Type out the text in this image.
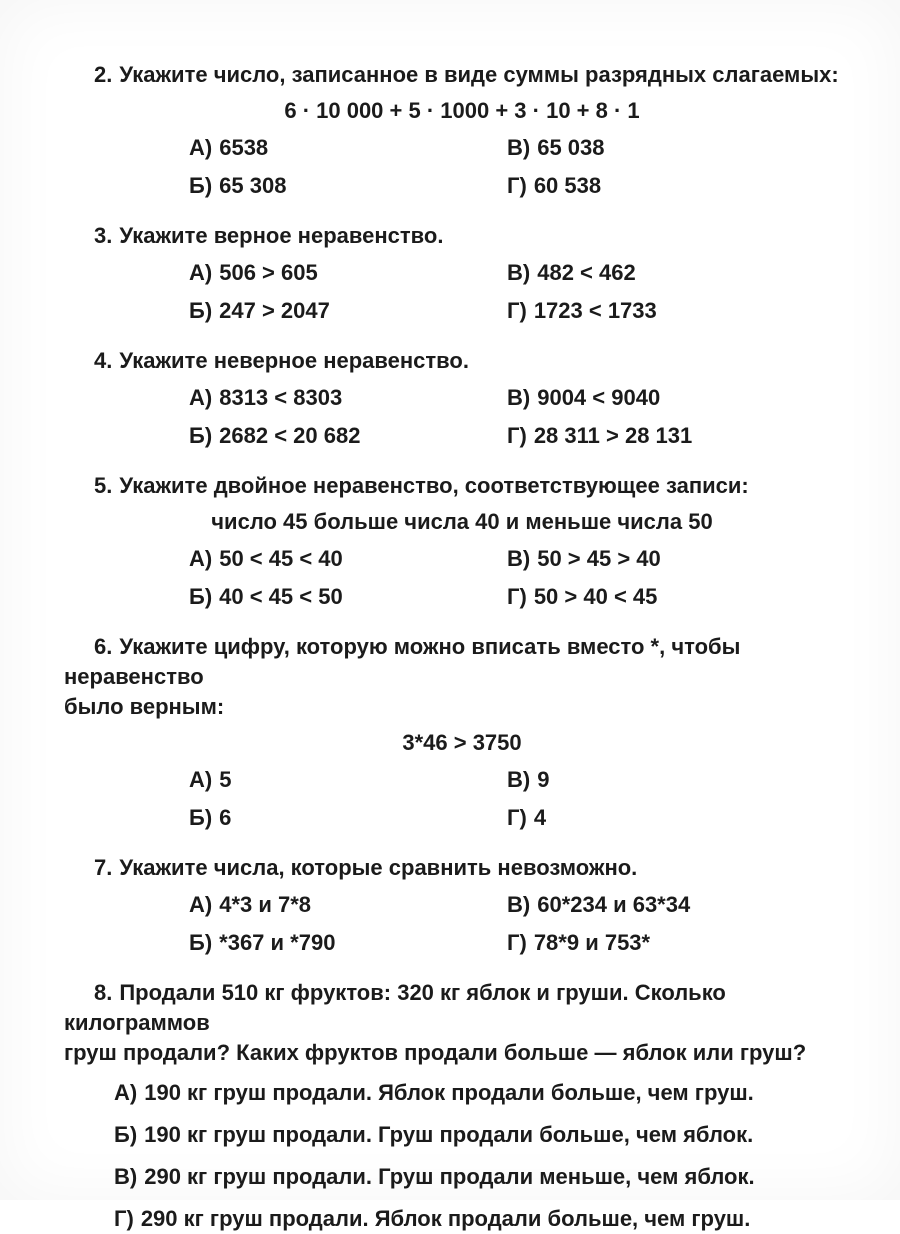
2. Укажите число, записанное в виде суммы разрядных слагаемых:

6 · 10 000 + 5 · 1000 + 3 · 10 + 8 · 1

А) 6538
Б) 65 308
В) 65 038
Г) 60 538

3. Укажите верное неравенство.

А) 506 > 605
Б) 247 > 2047
В) 482 < 462
Г) 1723 < 1733

4. Укажите неверное неравенство.

А) 8313 < 8303
Б) 2682 < 20 682
В) 9004 < 9040
Г) 28 311 > 28 131

5. Укажите двойное неравенство, соответствующее записи:

число 45 больше числа 40 и меньше числа 50

А) 50 < 45 < 40
Б) 40 < 45 < 50
В) 50 > 45 > 40
Г) 50 > 40 < 45

6. Укажите цифру, которую можно вписать вместо *, чтобы неравенство
было верным:

3*46 > 3750

А) 5
Б) 6
В) 9
Г) 4

7. Укажите числа, которые сравнить невозможно.

А) 4*3 и 7*8
Б) *367 и *790
В) 60*234 и 63*34
Г) 78*9 и 753*

8. Продали 510 кг фруктов: 320 кг яблок и груши. Сколько килограммов
груш продали? Каких фруктов продали больше — яблок или груш?

А) 190 кг груш продали. Яблок продали больше, чем груш.
Б) 190 кг груш продали. Груш продали больше, чем яблок.
В) 290 кг груш продали. Груш продали меньше, чем яблок.
Г) 290 кг груш продали. Яблок продали больше, чем груш.
